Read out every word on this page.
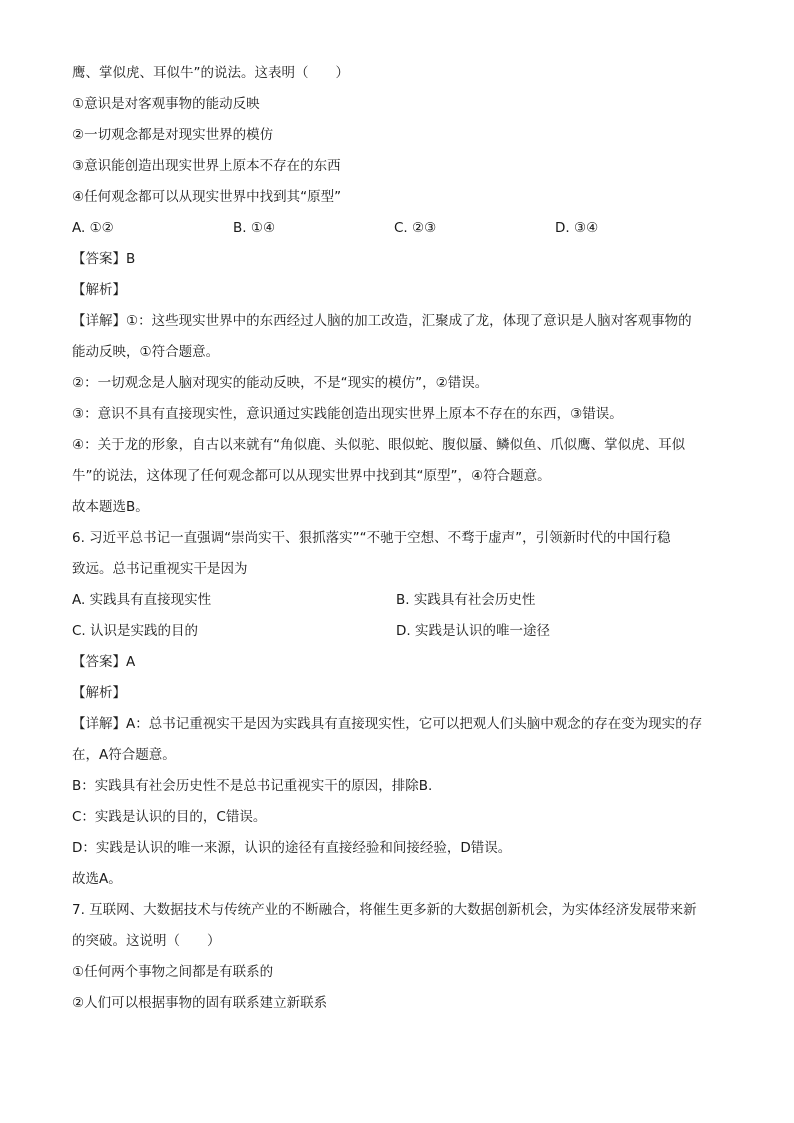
鹰、掌似虎、耳似牛”的说法。这表明（　　）
①意识是对客观事物的能动反映
②一切观念都是对现实世界的模仿
③意识能创造出现实世界上原本不存在的东西
④任何观念都可以从现实世界中找到其“原型”
A. ①②	B. ①④	C. ②③	D. ③④
【答案】B
【解析】
【详解】①：这些现实世界中的东西经过人脑的加工改造，汇聚成了龙，体现了意识是人脑对客观事物的
能动反映，①符合题意。
②：一切观念是人脑对现实的能动反映，不是“现实的模仿”，②错误。
③：意识不具有直接现实性，意识通过实践能创造出现实世界上原本不存在的东西，③错误。
④：关于龙的形象，自古以来就有“角似鹿、头似驼、眼似蛇、腹似蜃、鳞似鱼、爪似鹰、掌似虎、耳似
牛”的说法，这体现了任何观念都可以从现实世界中找到其“原型”，④符合题意。
故本题选B。
6. 习近平总书记一直强调“崇尚实干、狠抓落实”“不驰于空想、不骛于虚声”，引领新时代的中国行稳
致远。总书记重视实干是因为
A. 实践具有直接现实性	B. 实践具有社会历史性
C. 认识是实践的目的	D. 实践是认识的唯一途径
【答案】A
【解析】
【详解】A：总书记重视实干是因为实践具有直接现实性，它可以把观人们头脑中观念的存在变为现实的存
在，A符合题意。
B：实践具有社会历史性不是总书记重视实干的原因，排除B.
C：实践是认识的目的，C错误。
D：实践是认识的唯一来源，认识的途径有直接经验和间接经验，D错误。
故选A。
7. 互联网、大数据技术与传统产业的不断融合，将催生更多新的大数据创新机会，为实体经济发展带来新
的突破。这说明（　　）
①任何两个事物之间都是有联系的
②人们可以根据事物的固有联系建立新联系
